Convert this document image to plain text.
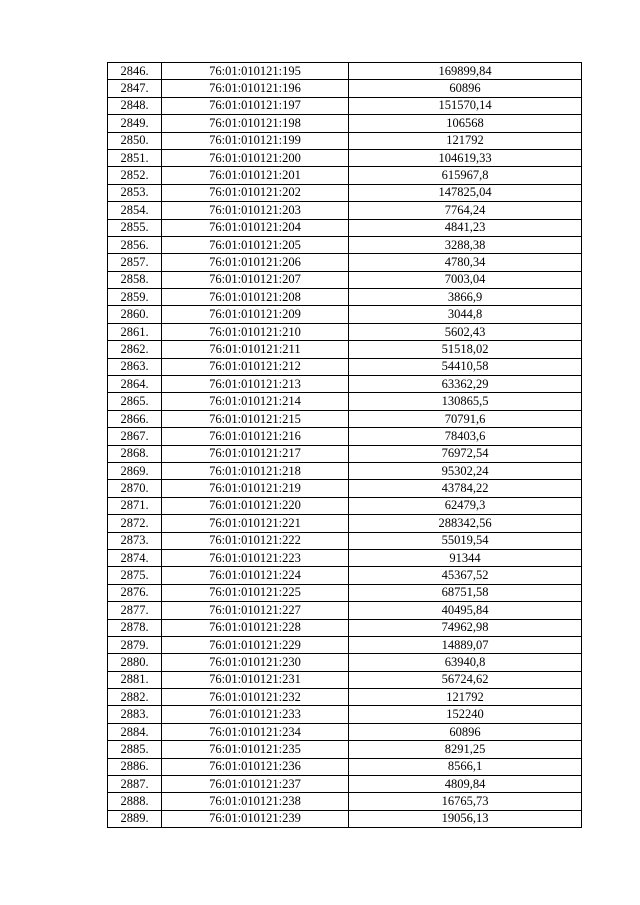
2846.	76:01:010121:195	169899,84
2847.	76:01:010121:196	60896
2848.	76:01:010121:197	151570,14
2849.	76:01:010121:198	106568
2850.	76:01:010121:199	121792
2851.	76:01:010121:200	104619,33
2852.	76:01:010121:201	615967,8
2853.	76:01:010121:202	147825,04
2854.	76:01:010121:203	7764,24
2855.	76:01:010121:204	4841,23
2856.	76:01:010121:205	3288,38
2857.	76:01:010121:206	4780,34
2858.	76:01:010121:207	7003,04
2859.	76:01:010121:208	3866,9
2860.	76:01:010121:209	3044,8
2861.	76:01:010121:210	5602,43
2862.	76:01:010121:211	51518,02
2863.	76:01:010121:212	54410,58
2864.	76:01:010121:213	63362,29
2865.	76:01:010121:214	130865,5
2866.	76:01:010121:215	70791,6
2867.	76:01:010121:216	78403,6
2868.	76:01:010121:217	76972,54
2869.	76:01:010121:218	95302,24
2870.	76:01:010121:219	43784,22
2871.	76:01:010121:220	62479,3
2872.	76:01:010121:221	288342,56
2873.	76:01:010121:222	55019,54
2874.	76:01:010121:223	91344
2875.	76:01:010121:224	45367,52
2876.	76:01:010121:225	68751,58
2877.	76:01:010121:227	40495,84
2878.	76:01:010121:228	74962,98
2879.	76:01:010121:229	14889,07
2880.	76:01:010121:230	63940,8
2881.	76:01:010121:231	56724,62
2882.	76:01:010121:232	121792
2883.	76:01:010121:233	152240
2884.	76:01:010121:234	60896
2885.	76:01:010121:235	8291,25
2886.	76:01:010121:236	8566,1
2887.	76:01:010121:237	4809,84
2888.	76:01:010121:238	16765,73
2889.	76:01:010121:239	19056,13
